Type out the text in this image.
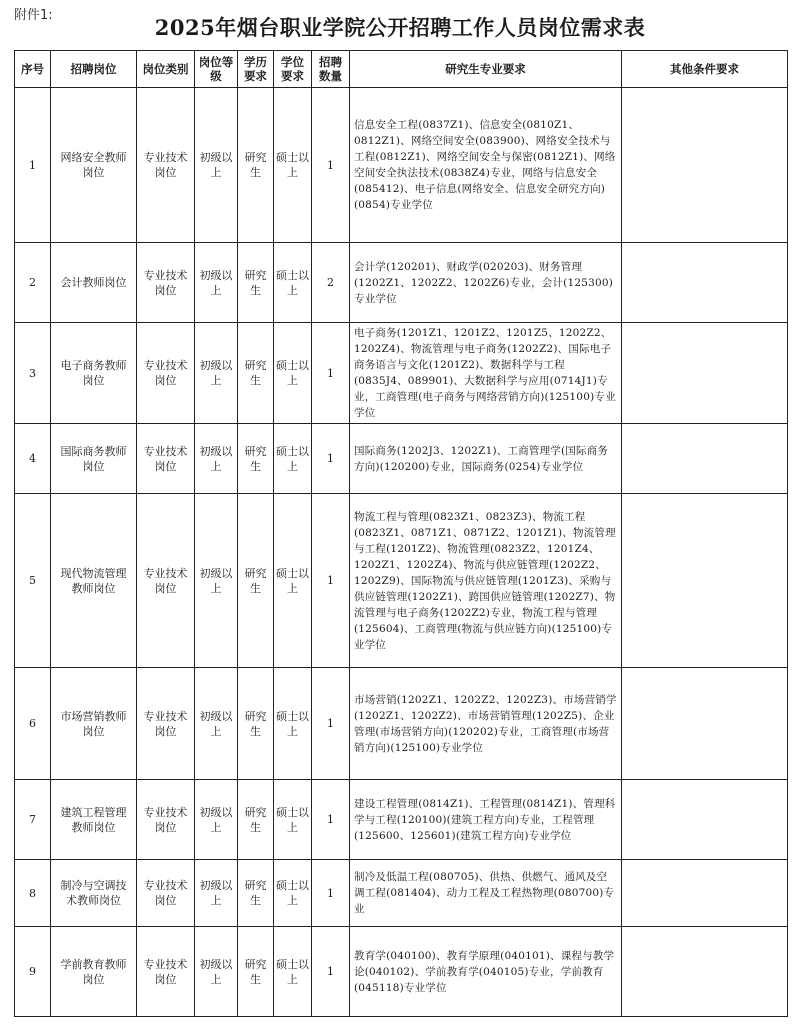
附件1:	2025年烟台职业学院公开招聘工作人员岗位需求表
序号	招聘岗位	岗位类别	岗位等级	学历要求	学位要求	招聘数量	研究生专业要求	其他条件要求
1	网络安全教师岗位	专业技术岗位	初级以上	研究生	硕士以上	1	信息安全工程(0837Z1)、信息安全(0810Z1、0812Z1)、网络空间安全(083900)、网络安全技术与工程(0812Z1)、网络空间安全与保密(0812Z1)、网络空间安全执法技术(0838Z4)专业，网络与信息安全(085412)、电子信息(网络安全、信息安全研究方向)(0854)专业学位	
2	会计教师岗位	专业技术岗位	初级以上	研究生	硕士以上	2	会计学(120201)、财政学(020203)、财务管理(1202Z1、1202Z2、1202Z6)专业，会计(125300)专业学位	
3	电子商务教师岗位	专业技术岗位	初级以上	研究生	硕士以上	1	电子商务(1201Z1、1201Z2、1201Z5、1202Z2、1202Z4)、物流管理与电子商务(1202Z2)、国际电子商务语言与文化(1201Z2)、数据科学与工程(0835J4、089901)、大数据科学与应用(0714J1)专业，工商管理(电子商务与网络营销方向)(125100)专业学位	
4	国际商务教师岗位	专业技术岗位	初级以上	研究生	硕士以上	1	国际商务(1202J3、1202Z1)、工商管理学(国际商务方向)(120200)专业，国际商务(0254)专业学位	
5	现代物流管理教师岗位	专业技术岗位	初级以上	研究生	硕士以上	1	物流工程与管理(0823Z1、0823Z3)、物流工程(0823Z1、0871Z1、0871Z2、1201Z1)、物流管理与工程(1201Z2)、物流管理(0823Z2、1201Z4、1202Z1、1202Z4)、物流与供应链管理(1202Z2、1202Z9)、国际物流与供应链管理(1201Z3)、采购与供应链管理(1202Z1)、跨国供应链管理(1202Z7)、物流管理与电子商务(1202Z2)专业，物流工程与管理(125604)、工商管理(物流与供应链方向)(125100)专业学位	
6	市场营销教师岗位	专业技术岗位	初级以上	研究生	硕士以上	1	市场营销(1202Z1、1202Z2、1202Z3)、市场营销学(1202Z1、1202Z2)、市场营销管理(1202Z5)、企业管理(市场营销方向)(120202)专业，工商管理(市场营销方向)(125100)专业学位	
7	建筑工程管理教师岗位	专业技术岗位	初级以上	研究生	硕士以上	1	建设工程管理(0814Z1)、工程管理(0814Z1)、管理科学与工程(120100)(建筑工程方向)专业，工程管理(125600、125601)(建筑工程方向)专业学位	
8	制冷与空调技术教师岗位	专业技术岗位	初级以上	研究生	硕士以上	1	制冷及低温工程(080705)、供热、供燃气、通风及空调工程(081404)、动力工程及工程热物理(080700)专业	
9	学前教育教师岗位	专业技术岗位	初级以上	研究生	硕士以上	1	教育学(040100)、教育学原理(040101)、课程与教学论(040102)、学前教育学(040105)专业，学前教育(045118)专业学位	
